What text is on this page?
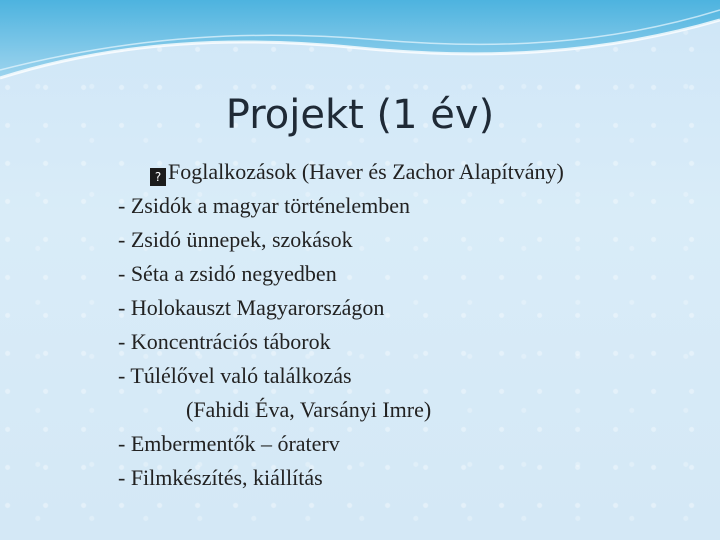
Projekt (1 év)
? Foglalkozások (Haver és Zachor Alapítvány)
- Zsidók a magyar történelemben
- Zsidó ünnepek, szokások
- Séta a zsidó negyedben
- Holokauszt Magyarországon
- Koncentrációs táborok
- Túlélővel való találkozás
(Fahidi Éva, Varsányi Imre)
- Embermentők – óraterv
- Filmkészítés, kiállítás
